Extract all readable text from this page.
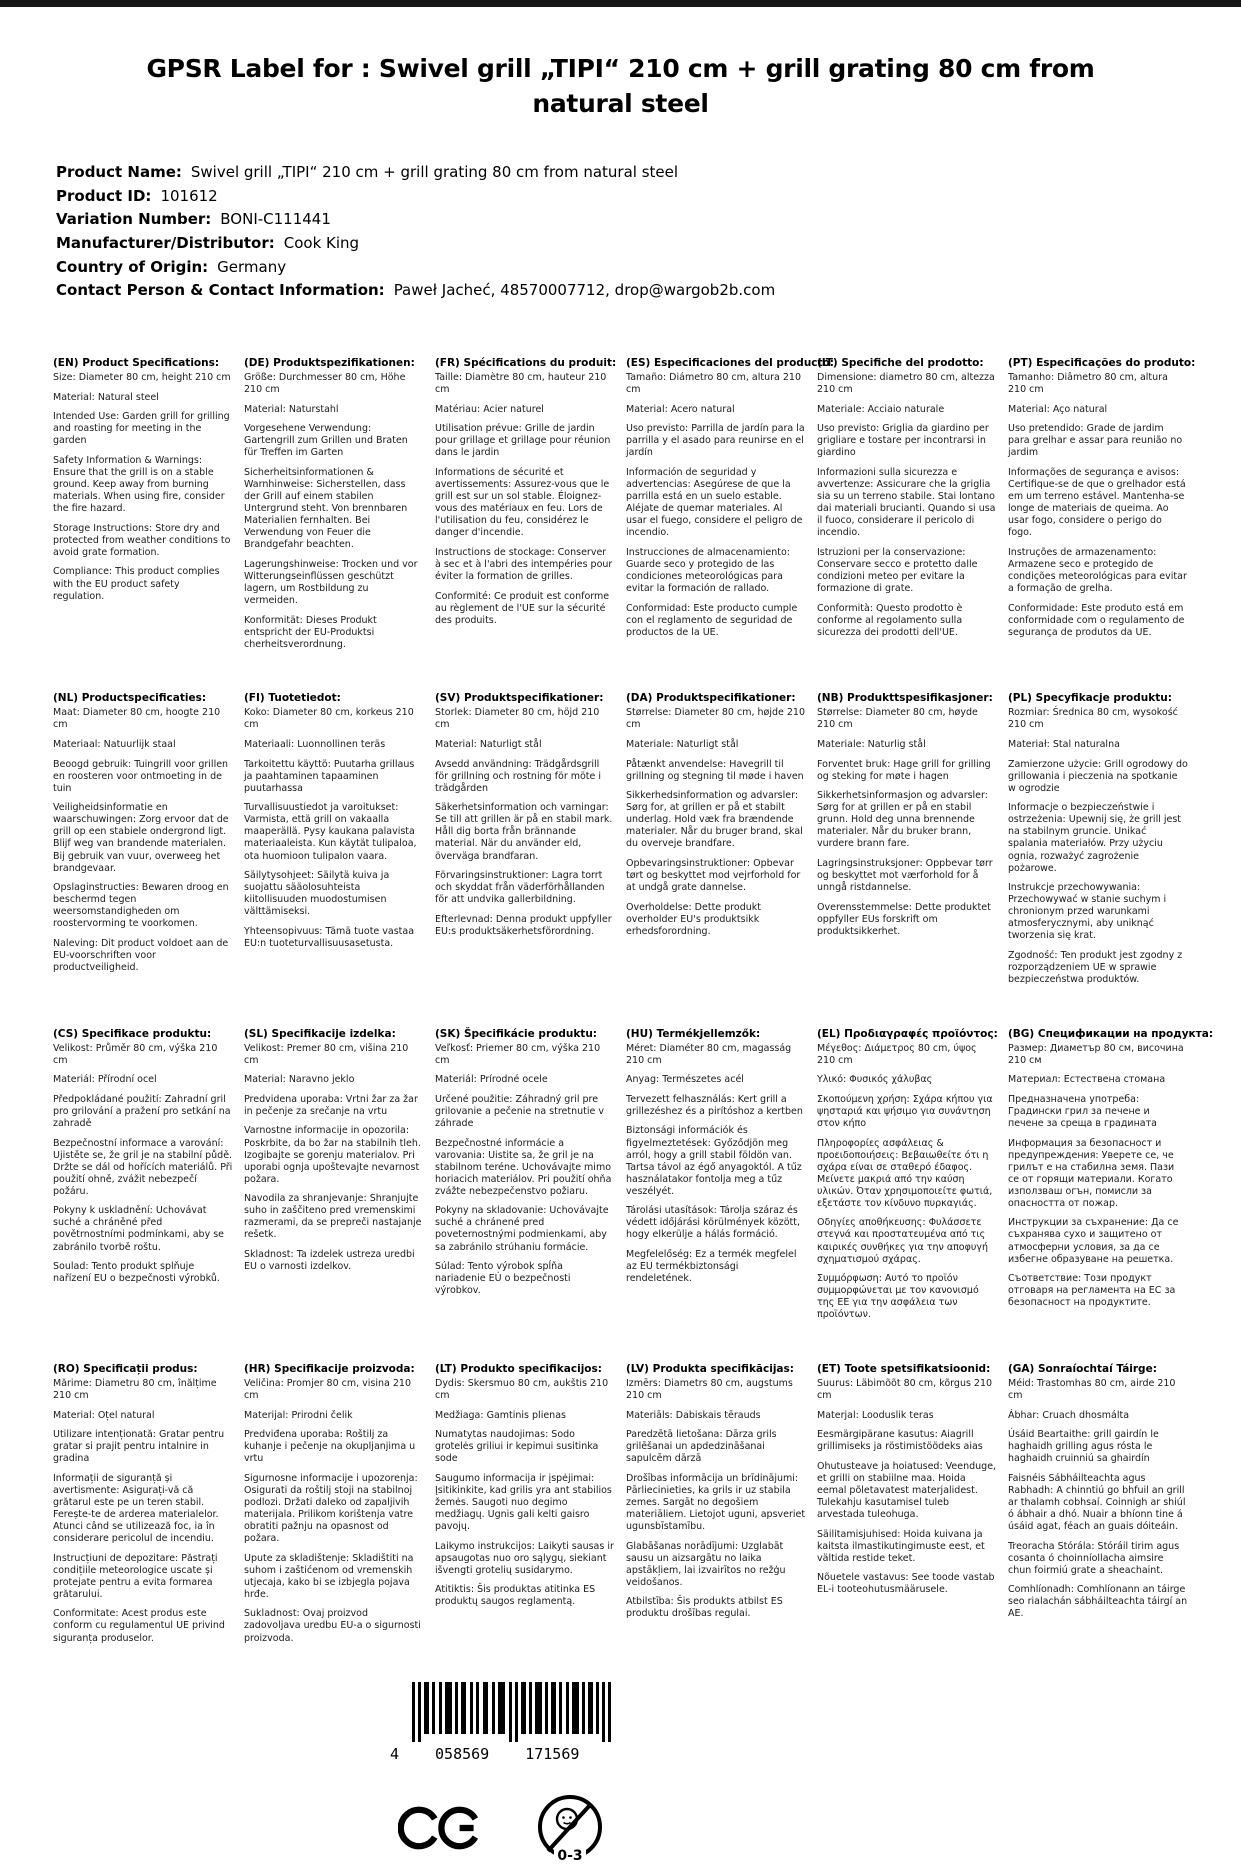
GPSR Label for : Swivel grill „TIPI“ 210 cm + grill grating 80 cm from natural steel
Product Name: Swivel grill „TIPI“ 210 cm + grill grating 80 cm from natural steel
Product ID: 101612
Variation Number: BONI-C111441
Manufacturer/Distributor: Cook King
Country of Origin: Germany
Contact Person & Contact Information: Paweł Jacheć, 48570007712, drop@wargob2b.com
(EN) Product Specifications:

Size: Diameter 80 cm, height 210 cm

Material: Natural steel

Intended Use: Garden grill for grilling and roasting for meeting in the garden

Safety Information & Warnings: Ensure that the grill is on a stable ground. Keep away from burning materials. When using fire, consider the fire hazard.

Storage Instructions: Store dry and protected from weather conditions to avoid grate formation.

Compliance: This product complies with the EU product safety regulation.

(DE) Produktspezifikationen:

Größe: Durchmesser 80 cm, Höhe 210 cm

Material: Naturstahl

Vorgesehene Verwendung: Gartengrill zum Grillen und Braten für Treffen im Garten

Sicherheitsinformationen & Warnhinweise: Sicherstellen, dass der Grill auf einem stabilen Untergrund steht. Von brennbaren Materialien fernhalten. Bei Verwendung von Feuer die Brandgefahr beachten.

Lagerungshinweise: Trocken und vor Witterungseinflüssen geschützt lagern, um Rostbildung zu vermeiden.

Konformität: Dieses Produkt entspricht der EU-Produktsi cherheitsverordnung.

(FR) Spécifications du produit:

Taille: Diamètre 80 cm, hauteur 210 cm

Matériau: Acier naturel

Utilisation prévue: Grille de jardin pour grillage et grillage pour réunion dans le jardin

Informations de sécurité et avertissements: Assurez-vous que le grill est sur un sol stable. Éloignez-vous des matériaux en feu. Lors de l'utilisation du feu, considérez le danger d'incendie.

Instructions de stockage: Conserver à sec et à l'abri des intempéries pour éviter la formation de grilles.

Conformité: Ce produit est conforme au règlement de l'UE sur la sécurité des produits.

(ES) Especificaciones del producto:

Tamaño: Diámetro 80 cm, altura 210 cm

Material: Acero natural

Uso previsto: Parrilla de jardín para la parrilla y el asado para reunirse en el jardín

Información de seguridad y advertencias: Asegúrese de que la parrilla está en un suelo estable. Aléjate de quemar materiales. Al usar el fuego, considere el peligro de incendio.

Instrucciones de almacenamiento: Guarde seco y protegido de las condiciones meteorológicas para evitar la formación de rallado.

Conformidad: Este producto cumple con el reglamento de seguridad de productos de la UE.

(IT) Specifiche del prodotto:

Dimensione: diametro 80 cm, altezza 210 cm

Materiale: Acciaio naturale

Uso previsto: Griglia da giardino per grigliare e tostare per incontrarsi in giardino

Informazioni sulla sicurezza e avvertenze: Assicurare che la griglia sia su un terreno stabile. Stai lontano dai materiali brucianti. Quando si usa il fuoco, considerare il pericolo di incendio.

Istruzioni per la conservazione: Conservare secco e protetto dalle condizioni meteo per evitare la formazione di grate.

Conformità: Questo prodotto è conforme al regolamento sulla sicurezza dei prodotti dell'UE.

(PT) Especificações do produto:

Tamanho: Diâmetro 80 cm, altura 210 cm

Material: Aço natural

Uso pretendido: Grade de jardim para grelhar e assar para reunião no jardim

Informações de segurança e avisos: Certifique-se de que o grelhador está em um terreno estável. Mantenha-se longe de materiais de queima. Ao usar fogo, considere o perigo do fogo.

Instruções de armazenamento: Armazene seco e protegido de condições meteorológicas para evitar a formação de grelha.

Conformidade: Este produto está em conformidade com o regulamento de segurança de produtos da UE.

(NL) Productspecificaties:

Maat: Diameter 80 cm, hoogte 210 cm

Materiaal: Natuurlijk staal

Beoogd gebruik: Tuingrill voor grillen en roosteren voor ontmoeting in de tuin

Veiligheidsinformatie en waarschuwingen: Zorg ervoor dat de grill op een stabiele ondergrond ligt. Blijf weg van brandende materialen. Bij gebruik van vuur, overweeg het brandgevaar.

Opslaginstructies: Bewaren droog en beschermd tegen weersomstandigheden om roostervorming te voorkomen.

Naleving: Dit product voldoet aan de EU-voorschriften voor productveiligheid.

(FI) Tuotetiedot:

Koko: Diameter 80 cm, korkeus 210 cm

Materiaali: Luonnollinen teräs

Tarkoitettu käyttö: Puutarha grillaus ja paahtaminen tapaaminen puutarhassa

Turvallisuustiedot ja varoitukset: Varmista, että grill on vakaalla maaperällä. Pysy kaukana palavista materiaaleista. Kun käytät tulipaloa, ota huomioon tulipalon vaara.

Säilytysohjeet: Säilytä kuiva ja suojattu sääolosuhteista kiitollisuuden muodostumisen välttämiseksi.

Yhteensopivuus: Tämä tuote vastaa EU:n tuoteturvallisuusasetusta.

(SV) Produktspecifikationer:

Storlek: Diameter 80 cm, höjd 210 cm

Material: Naturligt stål

Avsedd användning: Trädgårdsgrill för grillning och rostning för möte i trädgården

Säkerhetsinformation och varningar: Se till att grillen är på en stabil mark. Håll dig borta från brännande material. När du använder eld, överväga brandfaran.

Förvaringsinstruktioner: Lagra torrt och skyddat från väderförhållanden för att undvika gallerbildning.

Efterlevnad: Denna produkt uppfyller EU:s produktsäkerhetsförordning.

(DA) Produktspecifikationer:

Størrelse: Diameter 80 cm, højde 210 cm

Materiale: Naturligt stål

Påtænkt anvendelse: Havegrill til grillning og stegning til møde i haven

Sikkerhedsinformation og advarsler: Sørg for, at grillen er på et stabilt underlag. Hold væk fra brændende materialer. Når du bruger brand, skal du overveje brandfare.

Opbevaringsinstruktioner: Opbevar tørt og beskyttet mod vejrforhold for at undgå grate dannelse.

Overholdelse: Dette produkt overholder EU's produktsikk erhedsforordning.

(NB) Produkttspesifikasjoner:

Størrelse: Diameter 80 cm, høyde 210 cm

Materiale: Naturlig stål

Forventet bruk: Hage grill for grilling og steking for møte i hagen

Sikkerhetsinformasjon og advarsler: Sørg for at grillen er på en stabil grunn. Hold deg unna brennende materialer. Når du bruker brann, vurdere brann fare.

Lagringsinstruksjoner: Oppbevar tørr og beskyttet mot værforhold for å unngå ristdannelse.

Overensstemmelse: Dette produktet oppfyller EUs forskrift om produktsikkerhet.

(PL) Specyfikacje produktu:

Rozmiar: Średnica 80 cm, wysokość 210 cm

Materiał: Stal naturalna

Zamierzone użycie: Grill ogrodowy do grillowania i pieczenia na spotkanie w ogrodzie

Informacje o bezpieczeństwie i ostrzeżenia: Upewnij się, że grill jest na stabilnym gruncie. Unikać spalania materiałów. Przy użyciu ognia, rozważyć zagrożenie pożarowe.

Instrukcje przechowywania: Przechowywać w stanie suchym i chronionym przed warunkami atmosferycznymi, aby uniknąć tworzenia się krat.

Zgodność: Ten produkt jest zgodny z rozporządzeniem UE w sprawie bezpieczeństwa produktów.

(CS) Specifikace produktu:

Velikost: Průměr 80 cm, výška 210 cm

Materiál: Přírodní ocel

Předpokládané použití: Zahradní gril pro grilování a pražení pro setkání na zahradě

Bezpečnostní informace a varování: Ujistěte se, že gril je na stabilní půdě. Držte se dál od hořících materiálů. Při použití ohně, zvážit nebezpečí požáru.

Pokyny k uskladnění: Uchovávat suché a chráněné před povětrnostními podmínkami, aby se zabránilo tvorbě roštu.

Soulad: Tento produkt splňuje nařízení EU o bezpečnosti výrobků.

(SL) Specifikacije izdelka:

Velikost: Premer 80 cm, višina 210 cm

Material: Naravno jeklo

Predvidena uporaba: Vrtni žar za žar in pečenje za srečanje na vrtu

Varnostne informacije in opozorila: Poskrbite, da bo žar na stabilnih tleh. Izogibajte se gorenju materialov. Pri uporabi ognja upoštevajte nevarnost požara.

Navodila za shranjevanje: Shranjujte suho in zaščiteno pred vremenskimi razmerami, da se prepreči nastajanje rešetk.

Skladnost: Ta izdelek ustreza uredbi EU o varnosti izdelkov.

(SK) Špecifikácie produktu:

Veľkosť: Priemer 80 cm, výška 210 cm

Materiál: Prírodné ocele

Určené použitie: Záhradný gril pre grilovanie a pečenie na stretnutie v záhrade

Bezpečnostné informácie a varovania: Uistite sa, že gril je na stabilnom teréne. Uchovávajte mimo horiacich materiálov. Pri použití ohňa zvážte nebezpečenstvo požiaru.

Pokyny na skladovanie: Uchovávajte suché a chránené pred poveternostnými podmienkami, aby sa zabránilo strúhaniu formácie.

Súlad: Tento výrobok spĺňa nariadenie EÚ o bezpečnosti výrobkov.

(HU) Termékjellemzők:

Méret: Diaméter 80 cm, magasság 210 cm

Anyag: Természetes acél

Tervezett felhasználás: Kert grill a grillezéshez és a pirítóshoz a kertben

Biztonsági információk és figyelmeztetések: Győződjön meg arról, hogy a grill stabil földön van. Tartsa távol az égő anyagoktól. A tűz használatakor fontolja meg a tűz veszélyét.

Tárolási utasítások: Tárolja száraz és védett időjárási körülmények között, hogy elkerülje a hálás formáció.

Megfelelőség: Ez a termék megfelel az EU termékbiztonsági rendeletének.

(EL) Προδιαγραφές προϊόντος:

Μέγεθος: Διάμετρος 80 cm, ύψος 210 cm

Υλικό: Φυσικός χάλυβας

Σκοπούμενη χρήση: Σχάρα κήπου για ψησταριά και ψήσιμο για συνάντηση στον κήπο

Πληροφορίες ασφάλειας & προειδοποιήσεις: Βεβαιωθείτε ότι η σχάρα είναι σε σταθερό έδαφος. Μείνετε μακριά από την καύση υλικών. Όταν χρησιμοποιείτε φωτιά, εξετάστε τον κίνδυνο πυρκαγιάς.

Οδηγίες αποθήκευσης: Φυλάσσετε στεγνά και προστατευμένα από τις καιρικές συνθήκες για την αποφυγή σχηματισμού σχάρας.

Συμμόρφωση: Αυτό το προϊόν συμμορφώνεται με τον κανονισμό της ΕΕ για την ασφάλεια των προϊόντων.

(BG) Спецификации на продукта:

Размер: Диаметър 80 см, височина 210 см

Материал: Естествена стомана

Предназначена употреба: Градински грил за печене и печене за среща в градината

Информация за безопасност и предупреждения: Уверете се, че грилът е на стабилна земя. Пази се от горящи материали. Когато използваш огън, помисли за опасността от пожар.

Инструкции за съхранение: Да се съхранява сухо и защитено от атмосферни условия, за да се избегне образуване на решетка.

Съответствие: Този продукт отговаря на регламента на ЕС за безопасност на продуктите.

(RO) Specificații produs:

Mărime: Diametru 80 cm, înălțime 210 cm

Material: Oțel natural

Utilizare intenționată: Gratar pentru gratar si prajit pentru intalnire in gradina

Informații de siguranță și avertismente: Asigurați-vă că grătarul este pe un teren stabil. Ferește-te de arderea materialelor. Atunci când se utilizează foc, ia în considerare pericolul de incendiu.

Instrucțiuni de depozitare: Păstrați condițiile meteorologice uscate și protejate pentru a evita formarea grătarului.

Conformitate: Acest produs este conform cu regulamentul UE privind siguranța produselor.

(HR) Specifikacije proizvoda:

Veličina: Promjer 80 cm, visina 210 cm

Materijal: Prirodni čelik

Predviđena uporaba: Roštilj za kuhanje i pečenje na okupljanjima u vrtu

Sigurnosne informacije i upozorenja: Osigurati da roštilj stoji na stabilnoj podlozi. Držati daleko od zapaljivih materijala. Prilikom korištenja vatre obratiti pažnju na opasnost od požara.

Upute za skladištenje: Skladištiti na suhom i zaštićenom od vremenskih utjecaja, kako bi se izbjegla pojava hrđe.

Sukladnost: Ovaj proizvod zadovoljava uredbu EU-a o sigurnosti proizvoda.

(LT) Produkto specifikacijos:

Dydis: Skersmuo 80 cm, aukštis 210 cm

Medžiaga: Gamtinis plienas

Numatytas naudojimas: Sodo grotelės griliui ir kepimui susitinka sode

Saugumo informacija ir įspėjimai: Įsitikinkite, kad grilis yra ant stabilios žemės. Saugoti nuo degimo medžiagų. Ugnis gali kelti gaisro pavojų.

Laikymo instrukcijos: Laikyti sausas ir apsaugotas nuo oro sąlygų, siekiant išvengti grotelių susidarymo.

Atitiktis: Šis produktas atitinka ES produktų saugos reglamentą.

(LV) Produkta specifikācijas:

Izmērs: Diametrs 80 cm, augstums 210 cm

Materiāls: Dabiskais tērauds

Paredzētā lietošana: Dārza grils grilēšanai un apdedzināšanai sapulcēm dārzā

Drošības informācija un brīdinājumi: Pārliecinieties, ka grils ir uz stabila zemes. Sargāt no degošiem materiāliem. Lietojot uguni, apsveriet ugunsbīstamību.

Glabāšanas norādījumi: Uzglabāt sausu un aizsargātu no laika apstākļiem, lai izvairītos no režģu veidošanos.

Atbilstība: Šis produkts atbilst ES produktu drošības regulai.

(ET) Toote spetsifikatsioonid:

Suurus: Läbimõõt 80 cm, kõrgus 210 cm

Materjal: Looduslik teras

Eesmärgipärane kasutus: Aiagrill grillimiseks ja röstimistöödeks aias

Ohutusteave ja hoiatused: Veenduge, et grilli on stabiilne maa. Hoida eemal põletavatest materjalidest. Tulekahju kasutamisel tuleb arvestada tuleohuga.

Säilitamisjuhised: Hoida kuivana ja kaitsta ilmastikutingimuste eest, et vältida restide teket.

Nõuetele vastavus: See toode vastab EL-i tooteohutusmäärusele.

(GA) Sonraíochtaí Táirge:

Méid: Trastomhas 80 cm, airde 210 cm

Ábhar: Cruach dhosmálta

Úsáid Beartaithe: grill gairdín le haghaidh grilling agus rósta le haghaidh cruinniú sa ghairdín

Faisnéis Sábháilteachta agus Rabhadh: A chinntiú go bhfuil an grill ar thalamh cobhsaí. Coinnigh ar shiúl ó ábhair a dhó. Nuair a bhíonn tine á úsáid agat, féach an guais dóiteáin.

Treoracha Stórála: Stóráil tirim agus cosanta ó choinníollacha aimsire chun foirmiú grate a sheachaint.

Comhlíonadh: Comhlíonann an táirge seo rialachán sábháilteachta táirgí an AE.

4 058569 171569
0-3
